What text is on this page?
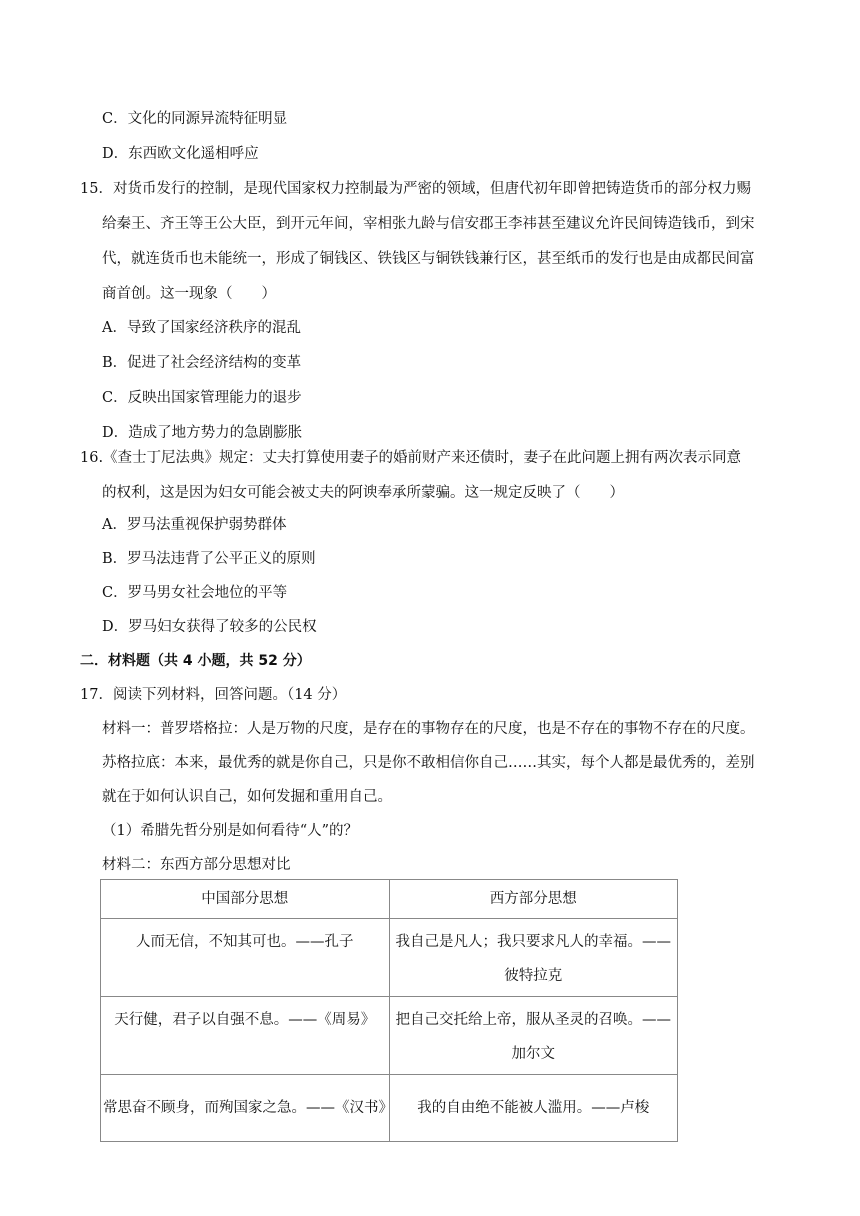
C．文化的同源异流特征明显
D．东西欧文化遥相呼应
15．对货币发行的控制，是现代国家权力控制最为严密的领域，但唐代初年即曾把铸造货币的部分权力赐
给秦王、齐王等王公大臣，到开元年间，宰相张九龄与信安郡王李祎甚至建议允许民间铸造钱币，到宋
代，就连货币也未能统一，形成了铜钱区、铁钱区与铜铁钱兼行区，甚至纸币的发行也是由成都民间富
商首创。这一现象（　　）
A．导致了国家经济秩序的混乱
B．促进了社会经济结构的变革
C．反映出国家管理能力的退步
D．造成了地方势力的急剧膨胀
16.《查士丁尼法典》规定：丈夫打算使用妻子的婚前财产来还债时，妻子在此问题上拥有两次表示同意
的权利，这是因为妇女可能会被丈夫的阿谀奉承所蒙骗。这一规定反映了（　　）
A．罗马法重视保护弱势群体
B．罗马法违背了公平正义的原则
C．罗马男女社会地位的平等
D．罗马妇女获得了较多的公民权
二．材料题（共 4 小题，共 52 分）
17．阅读下列材料，回答问题。（14 分）
材料一：普罗塔格拉：人是万物的尺度，是存在的事物存在的尺度，也是不存在的事物不存在的尺度。
苏格拉底：本来，最优秀的就是你自己，只是你不敢相信你自己……其实，每个人都是最优秀的，差别
就在于如何认识自己，如何发掘和重用自己。
（1）希腊先哲分别是如何看待“人”的？
材料二：东西方部分思想对比
中国部分思想	西方部分思想
人而无信，不知其可也。——孔子	我自己是凡人；我只要求凡人的幸福。——彼特拉克
天行健，君子以自强不息。——《周易》	把自己交托给上帝，服从圣灵的召唤。——加尔文
常思奋不顾身，而殉国家之急。——《汉书》	我的自由绝不能被人滥用。——卢梭
